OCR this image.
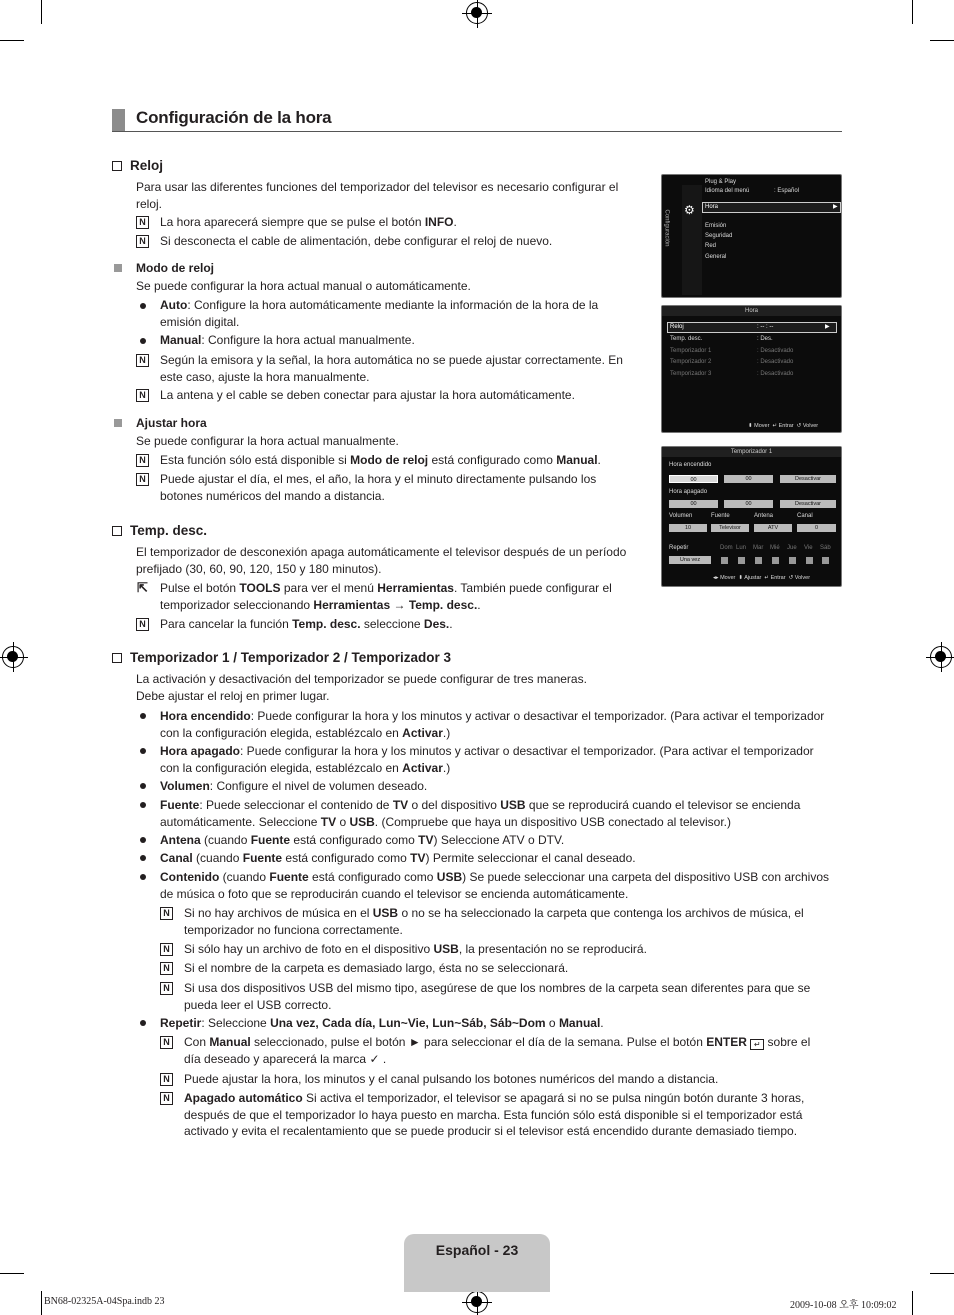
Configuración de la hora
Reloj
Para usar las diferentes funciones del temporizador del televisor es necesario configurar el
reloj.
N La hora aparecerá siempre que se pulse el botón INFO.
N Si desconecta el cable de alimentación, debe configurar el reloj de nuevo.
Modo de reloj
Se puede configurar la hora actual manual o automáticamente.
Auto: Configure la hora automáticamente mediante la información de la hora de la
emisión digital.
Manual: Configure la hora actual manualmente.
N Según la emisora y la señal, la hora automática no se puede ajustar correctamente. En
este caso, ajuste la hora manualmente.
N La antena y el cable se deben conectar para ajustar la hora automáticamente.
Ajustar hora
Se puede configurar la hora actual manualmente.
N Esta función sólo está disponible si Modo de reloj está configurado como Manual.
N Puede ajustar el día, el mes, el año, la hora y el minuto directamente pulsando los
botones numéricos del mando a distancia.
Temp. desc.
El temporizador de desconexión apaga automáticamente el televisor después de un período
prefijado (30, 60, 90, 120, 150 y 180 minutos).
⇱ Pulse el botón TOOLS para ver el menú Herramientas. También puede configurar el
temporizador seleccionando Herramientas → Temp. desc..
N Para cancelar la función Temp. desc. seleccione Des..
Temporizador 1 / Temporizador 2 / Temporizador 3
La activación y desactivación del temporizador se puede configurar de tres maneras.
Debe ajustar el reloj en primer lugar.
Hora encendido: Puede configurar la hora y los minutos y activar o desactivar el temporizador. (Para activar el temporizador
con la configuración elegida, establézcalo en Activar.)
Hora apagado: Puede configurar la hora y los minutos y activar o desactivar el temporizador. (Para activar el temporizador
con la configuración elegida, establézcalo en Activar.)
Volumen: Configure el nivel de volumen deseado.
Fuente: Puede seleccionar el contenido de TV o del dispositivo USB que se reproducirá cuando el televisor se encienda
automáticamente. Seleccione TV o USB. (Compruebe que haya un dispositivo USB conectado al televisor.)
Antena (cuando Fuente está configurado como TV) Seleccione ATV o DTV.
Canal (cuando Fuente está configurado como TV) Permite seleccionar el canal deseado.
Contenido (cuando Fuente está configurado como USB) Se puede seleccionar una carpeta del dispositivo USB con archivos
de música o foto que se reproducirán cuando el televisor se encienda automáticamente.
N Si no hay archivos de música en el USB o no se ha seleccionado la carpeta que contenga los archivos de música, el
temporizador no funciona correctamente.
N Si sólo hay un archivo de foto en el dispositivo USB, la presentación no se reproducirá.
N Si el nombre de la carpeta es demasiado largo, ésta no se seleccionará.
N Si usa dos dispositivos USB del mismo tipo, asegúrese de que los nombres de la carpeta sean diferentes para que se
pueda leer el USB correcto.
Repetir: Seleccione Una vez, Cada día, Lun~Vie, Lun~Sáb, Sáb~Dom o Manual.
N Con Manual seleccionado, pulse el botón ► para seleccionar el día de la semana. Pulse el botón ENTER ↵ sobre el
día deseado y aparecerá la marca ✓ .
N Puede ajustar la hora, los minutos y el canal pulsando los botones numéricos del mando a distancia.
N Apagado automático Si activa el temporizador, el televisor se apagará si no se pulsa ningún botón durante 3 horas,
después de que el temporizador lo haya puesto en marcha. Esta función sólo está disponible si el temporizador está
activado y evita el recalentamiento que se puede producir si el televisor está encendido durante demasiado tiempo.
Configuración ⚙
Plug & Play
Idioma del menú	: Español
Hora	▶
Emisión
Seguridad
Red
General
Hora
Reloj	: -- : --	▶
Temp. desc.	: Des.
Temporizador 1	: Desactivado
Temporizador 2	: Desactivado
Temporizador 3	: Desactivado
⬍ Mover  ↵ Entrar  ↺ Volver
Temporizador 1
Hora encendido
00	00	Desactivar
Hora apagado
00	00	Desactivar
Volumen	Fuente	Antena	Canal
10	Televisor	ATV	0
Repetir
Una vez
Dom Lun Mar Mié Jue Vie Sáb
◂▸ Mover  ⬍ Ajustar  ↵ Entrar  ↺ Volver
Español - 23
BN68-02325A-04Spa.indb 23	2009-10-08 오후 10:09:02
